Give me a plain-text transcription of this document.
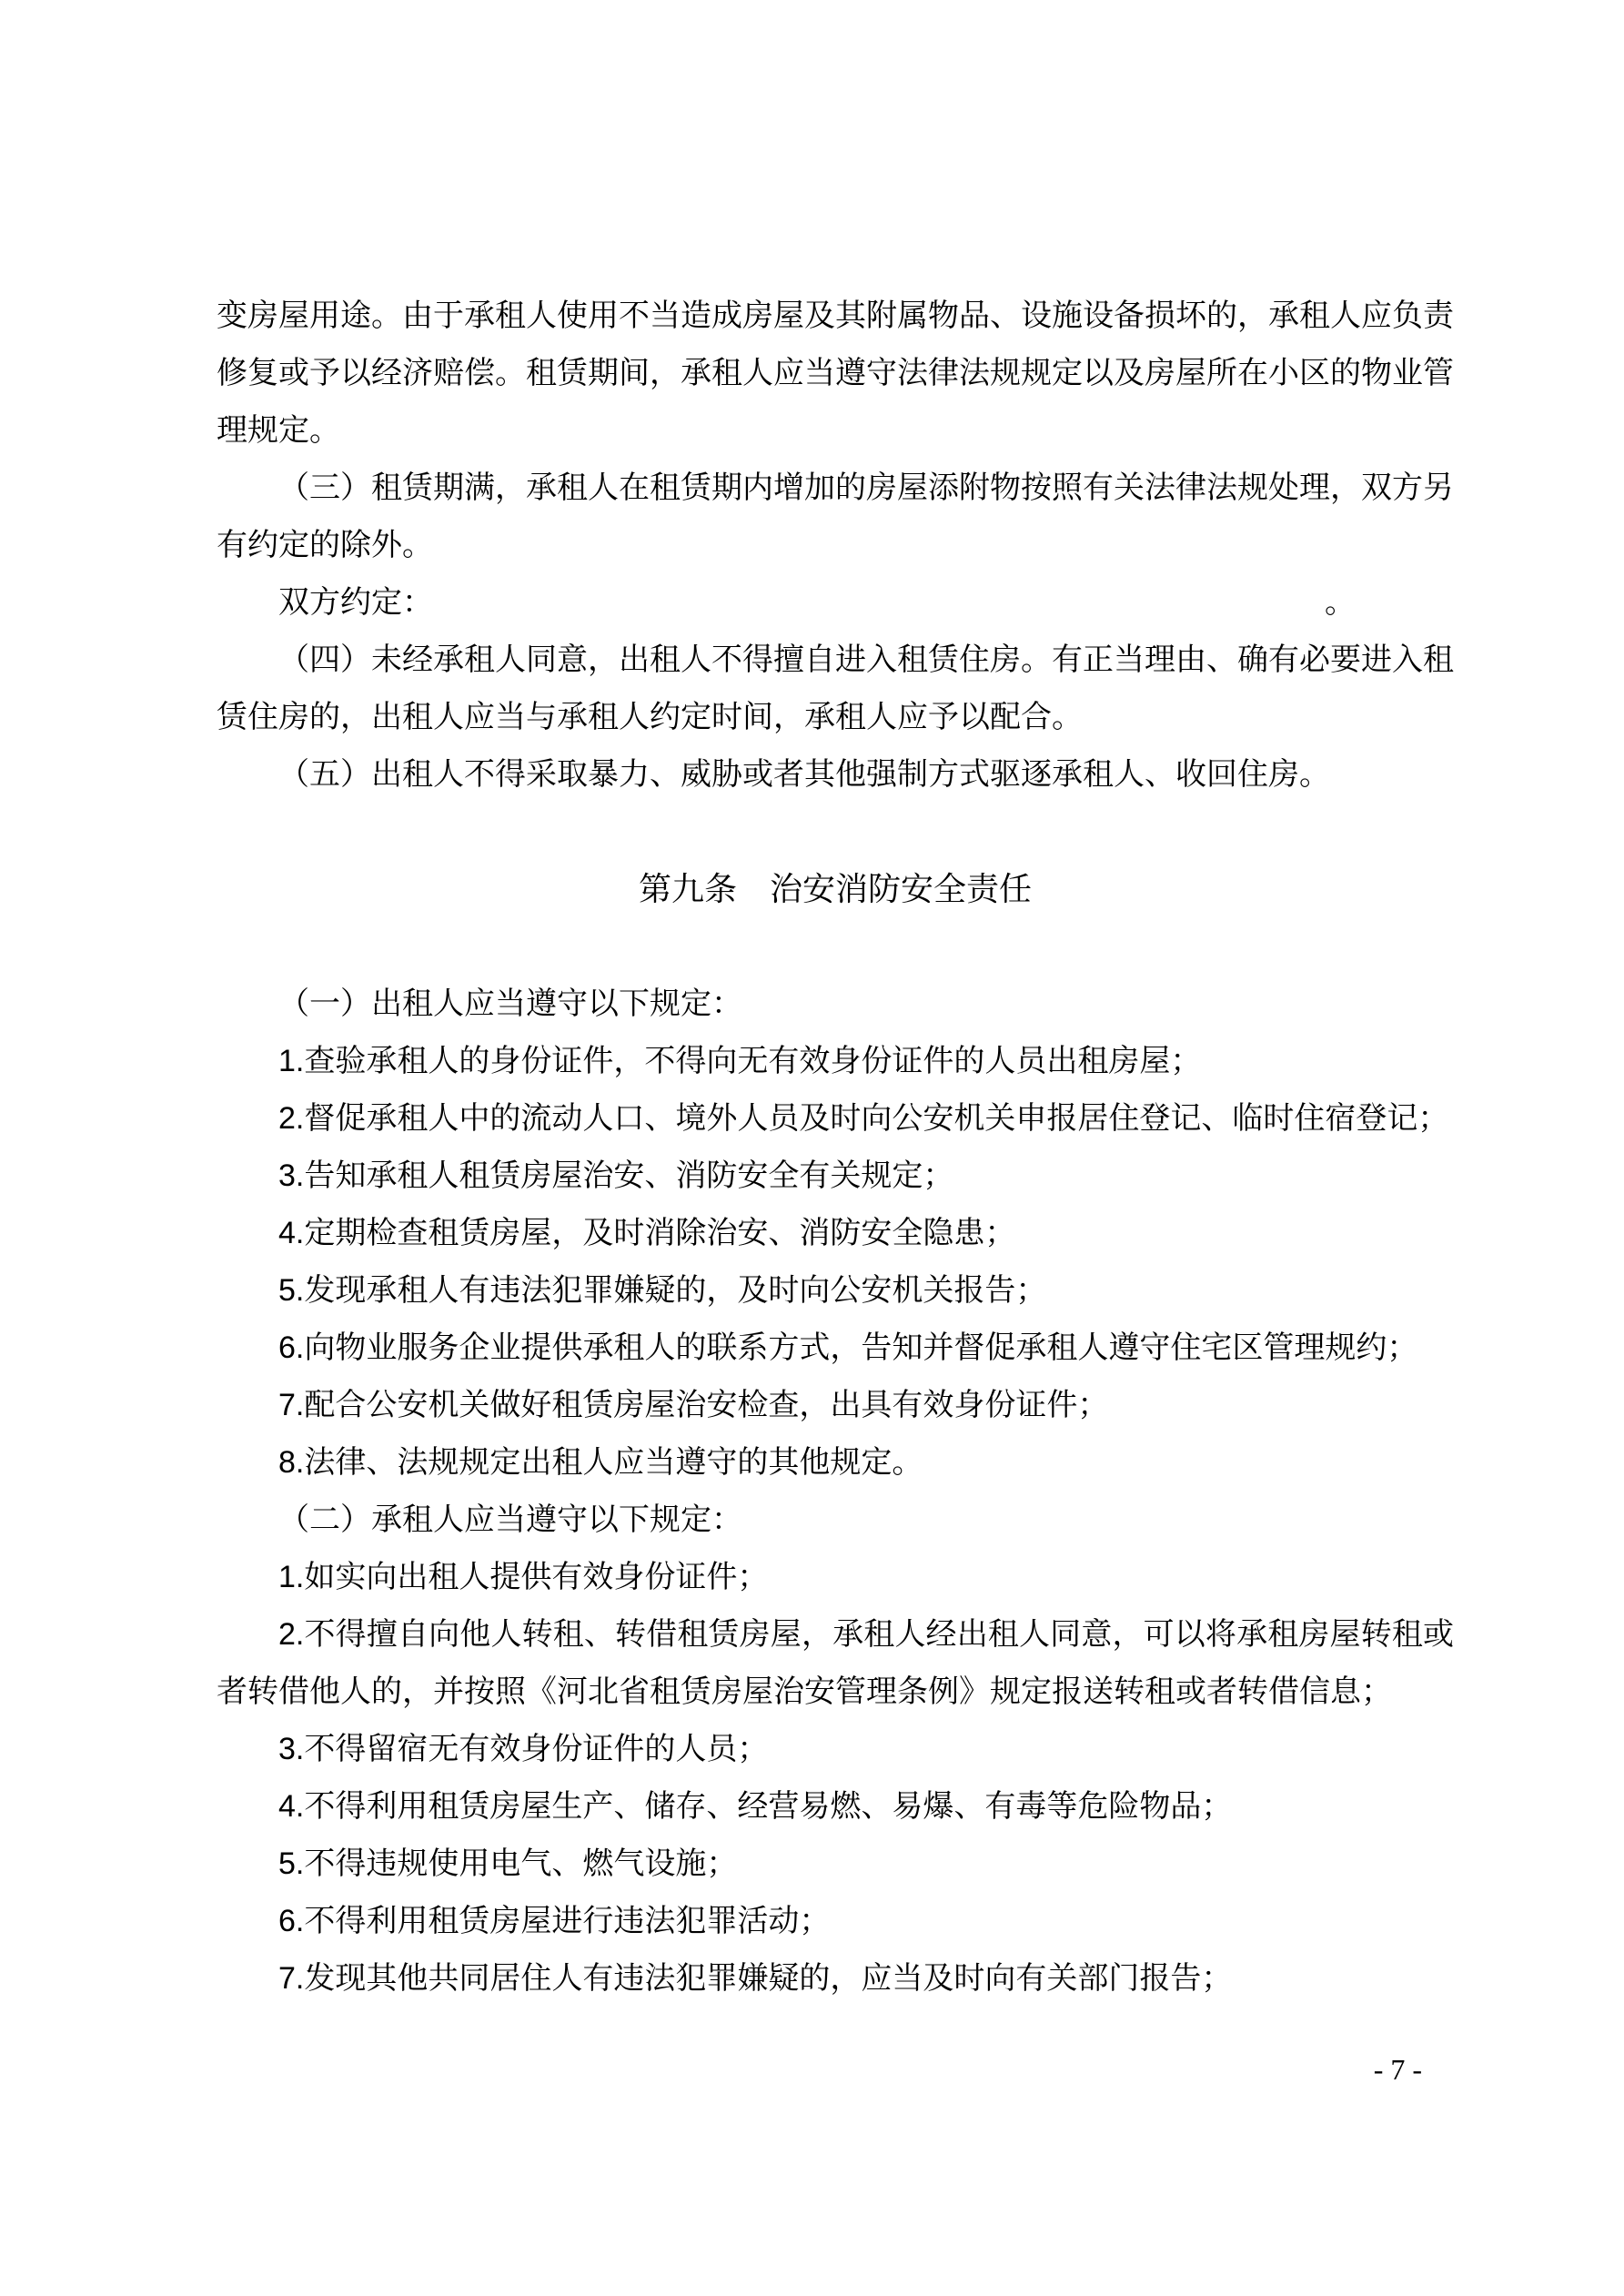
变房屋用途。由于承租人使用不当造成房屋及其附属物品、设施设备损坏的，承租人应负责修复或予以经济赔偿。租赁期间，承租人应当遵守法律法规规定以及房屋所在小区的物业管理规定。
（三）租赁期满，承租人在租赁期内增加的房屋添附物按照有关法律法规处理，双方另有约定的除外。
双方约定：	。
（四）未经承租人同意，出租人不得擅自进入租赁住房。有正当理由、确有必要进入租赁住房的，出租人应当与承租人约定时间，承租人应予以配合。
（五）出租人不得采取暴力、威胁或者其他强制方式驱逐承租人、收回住房。
第九条　治安消防安全责任
（一）出租人应当遵守以下规定：
1.查验承租人的身份证件，不得向无有效身份证件的人员出租房屋；
2.督促承租人中的流动人口、境外人员及时向公安机关申报居住登记、临时住宿登记；
3.告知承租人租赁房屋治安、消防安全有关规定；
4.定期检查租赁房屋，及时消除治安、消防安全隐患；
5.发现承租人有违法犯罪嫌疑的，及时向公安机关报告；
6.向物业服务企业提供承租人的联系方式，告知并督促承租人遵守住宅区管理规约；
7.配合公安机关做好租赁房屋治安检查，出具有效身份证件；
8.法律、法规规定出租人应当遵守的其他规定。
（二）承租人应当遵守以下规定：
1.如实向出租人提供有效身份证件；
2.不得擅自向他人转租、转借租赁房屋，承租人经出租人同意，可以将承租房屋转租或者转借他人的，并按照《河北省租赁房屋治安管理条例》规定报送转租或者转借信息；
3.不得留宿无有效身份证件的人员；
4.不得利用租赁房屋生产、储存、经营易燃、易爆、有毒等危险物品；
5.不得违规使用电气、燃气设施；
6.不得利用租赁房屋进行违法犯罪活动；
7.发现其他共同居住人有违法犯罪嫌疑的，应当及时向有关部门报告；
- 7 -
